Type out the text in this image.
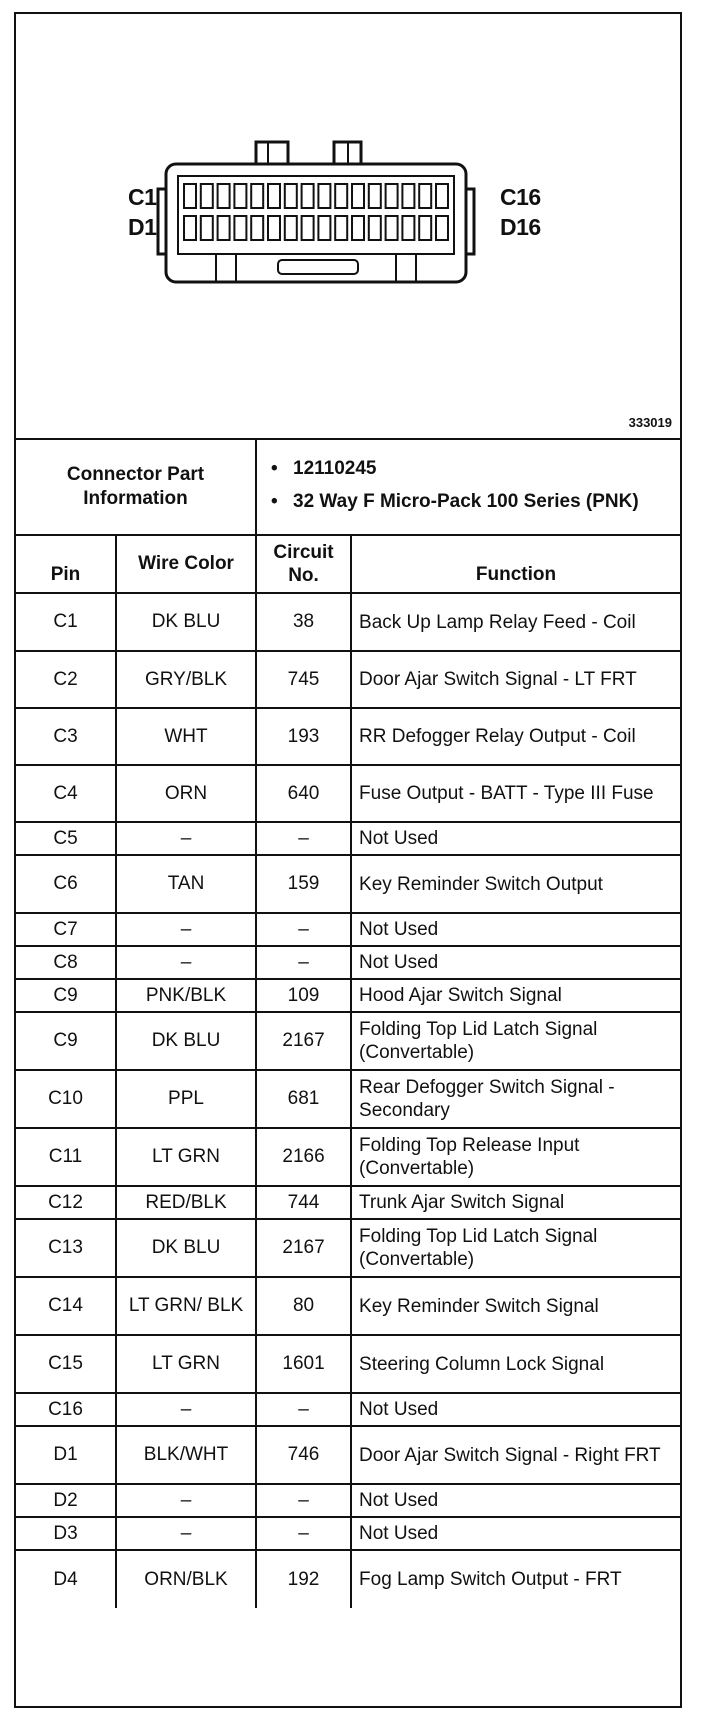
C1
D1
C16
D16
333019
Connector Part Information		• 12110245
• 32 Way F Micro-Pack 100 Series (PNK)

Pin	Wire Color	Circuit No.	Function
C1	DK BLU	38	Back Up Lamp Relay Feed - Coil
C2	GRY/BLK	745	Door Ajar Switch Signal - LT FRT
C3	WHT	193	RR Defogger Relay Output - Coil
C4	ORN	640	Fuse Output - BATT - Type III Fuse
C5	–	–	Not Used
C6	TAN	159	Key Reminder Switch Output
C7	–	–	Not Used
C8	–	–	Not Used
C9	PNK/BLK	109	Hood Ajar Switch Signal
C9	DK BLU	2167	Folding Top Lid Latch Signal (Convertable)
C10	PPL	681	Rear Defogger Switch Signal - Secondary
C11	LT GRN	2166	Folding Top Release Input (Convertable)
C12	RED/BLK	744	Trunk Ajar Switch Signal
C13	DK BLU	2167	Folding Top Lid Latch Signal (Convertable)
C14	LT GRN/ BLK	80	Key Reminder Switch Signal
C15	LT GRN	1601	Steering Column Lock Signal
C16	–	–	Not Used
D1	BLK/WHT	746	Door Ajar Switch Signal - Right FRT
D2	–	–	Not Used
D3	–	–	Not Used
D4	ORN/BLK	192	Fog Lamp Switch Output - FRT
